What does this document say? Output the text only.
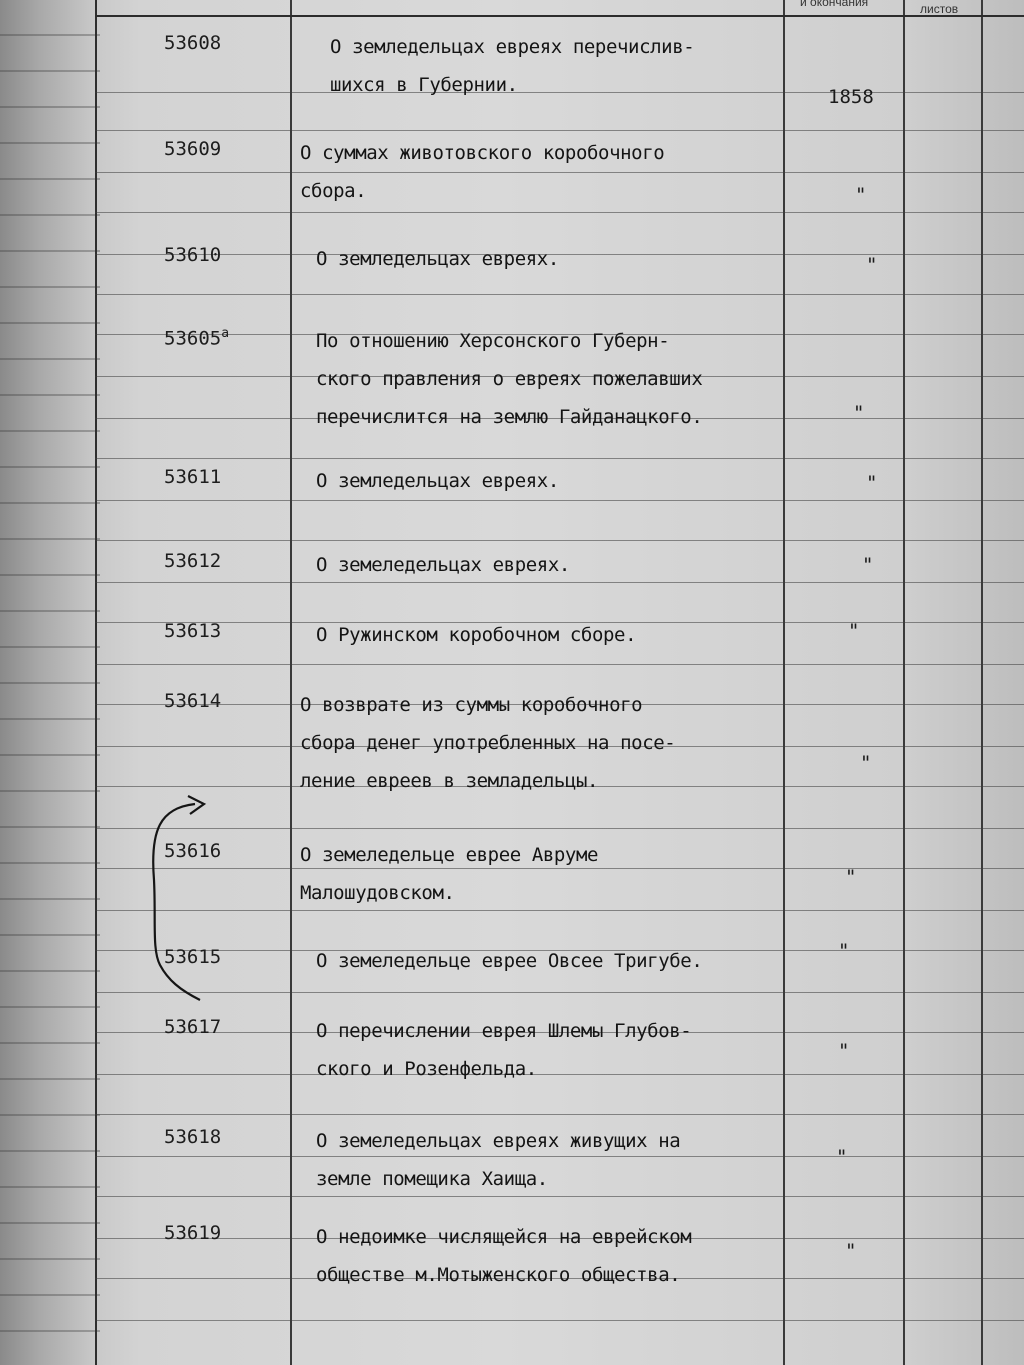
и окончания	листов
53608	О земледельцах евреях перечислив-
шихся в Губернии.
1858
53609	О суммах животовского коробочного
сбора.	"
53610	О земледельцах евреях.	"
$53605^а$	По отношению Херсонского Губерн-
ского правления о евреях пожелавших
перечислится на землю Гайданацкого.	"
53611	О земледельцах евреях.	"
53612	О земеледельцах евреях.	"
53613	О Ружинском коробочном сборе.	"
53614	О возврате из суммы коробочного
сбора денег употребленных на посе-
ление евреев в земладельцы.
"
53616	О земеледельце еврее Авруме
Малошудовском.
"
53615	О земеледельце еврее Овсее Тригубе.	"
53617	О перечислении еврея Шлемы Глубов-
ского и Розенфельда.
"
53618	О земеледельцах евреях живущих на
земле помещика Хаища.
"
53619	О недоимке числящейся на еврейском
обществе м.Мотыженского общества.
"
